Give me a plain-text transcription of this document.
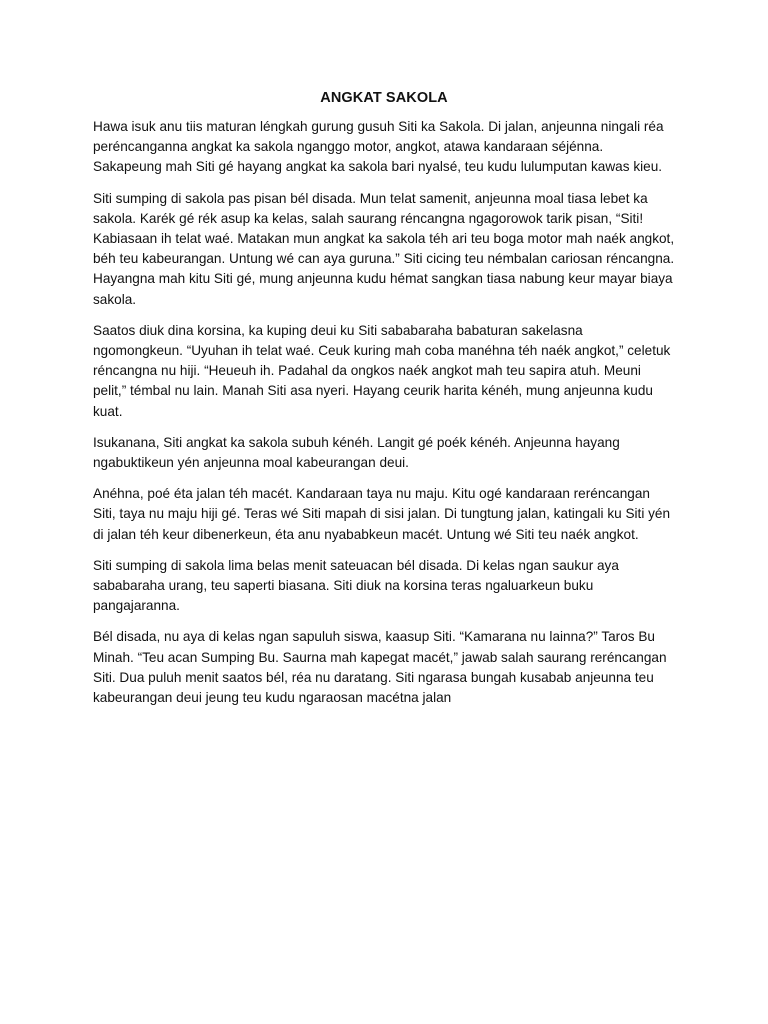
ANGKAT SAKOLA

Hawa isuk anu tiis maturan léngkah gurung gusuh Siti ka Sakola. Di jalan, anjeunna ningali réa peréncanganna angkat ka sakola nganggo motor, angkot, atawa kandaraan séjénna. Sakapeung mah Siti gé hayang angkat ka sakola bari nyalsé, teu kudu lulumputan kawas kieu.

Siti sumping di sakola pas pisan bél disada. Mun telat samenit, anjeunna moal tiasa lebet ka sakola. Karék gé rék asup ka kelas, salah saurang réncangna ngagorowok tarik pisan, “Siti! Kabiasaan ih telat waé. Matakan mun angkat ka sakola téh ari teu boga motor mah naék angkot, béh teu kabeurangan. Untung wé can aya guruna.” Siti cicing teu némbalan cariosan réncangna. Hayangna mah kitu Siti gé, mung anjeunna kudu hémat sangkan tiasa nabung keur mayar biaya sakola.

Saatos diuk dina korsina, ka kuping deui ku Siti sababaraha babaturan sakelasna ngomongkeun. “Uyuhan ih telat waé. Ceuk kuring mah coba manéhna téh naék angkot,” celetuk réncangna nu hiji. “Heueuh ih. Padahal da ongkos naék angkot mah teu sapira atuh. Meuni pelit,” témbal nu lain. Manah Siti asa nyeri. Hayang ceurik harita kénéh, mung anjeunna kudu kuat.

Isukanana, Siti angkat ka sakola subuh kénéh. Langit gé poék kénéh. Anjeunna hayang ngabuktikeun yén anjeunna moal kabeurangan deui.

Anéhna, poé éta jalan téh macét. Kandaraan taya nu maju. Kitu ogé kandaraan reréncangan Siti, taya nu maju hiji gé. Teras wé Siti mapah di sisi jalan. Di tungtung jalan, katingali ku Siti yén di jalan téh keur dibenerkeun, éta anu nyababkeun macét. Untung wé Siti teu naék angkot.

Siti sumping di sakola lima belas menit sateuacan bél disada. Di kelas ngan saukur aya sababaraha urang, teu saperti biasana. Siti diuk na korsina teras ngaluarkeun buku pangajaranna.

Bél disada, nu aya di kelas ngan sapuluh siswa, kaasup Siti. “Kamarana nu lainna?” Taros Bu Minah. “Teu acan Sumping Bu. Saurna mah kapegat macét,” jawab salah saurang reréncangan Siti. Dua puluh menit saatos bél, réa nu daratang. Siti ngarasa bungah kusabab anjeunna teu kabeurangan deui jeung teu kudu ngaraosan macétna jalan
